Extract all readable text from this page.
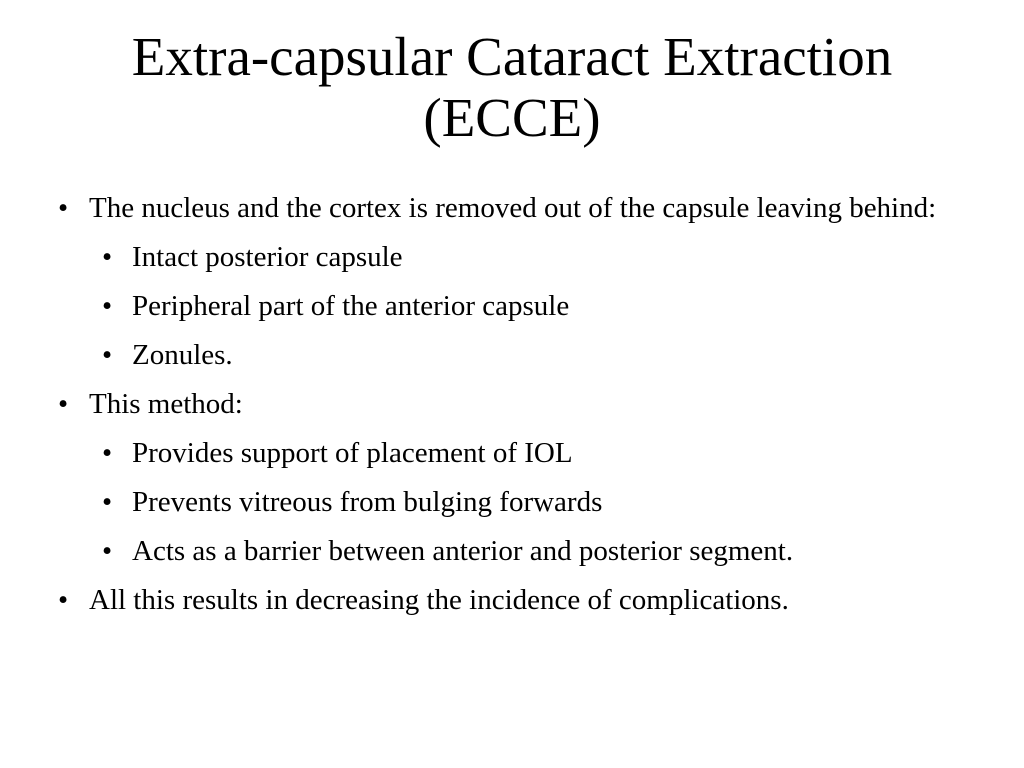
Extra-capsular Cataract Extraction
(ECCE)
• The nucleus and the cortex is removed out of the capsule leaving behind:
• Intact posterior capsule
• Peripheral part of the anterior capsule
• Zonules.
• This method:
• Provides support of placement of IOL
• Prevents vitreous from bulging forwards
• Acts as a barrier between anterior and posterior segment.
• All this results in decreasing the incidence of complications.
